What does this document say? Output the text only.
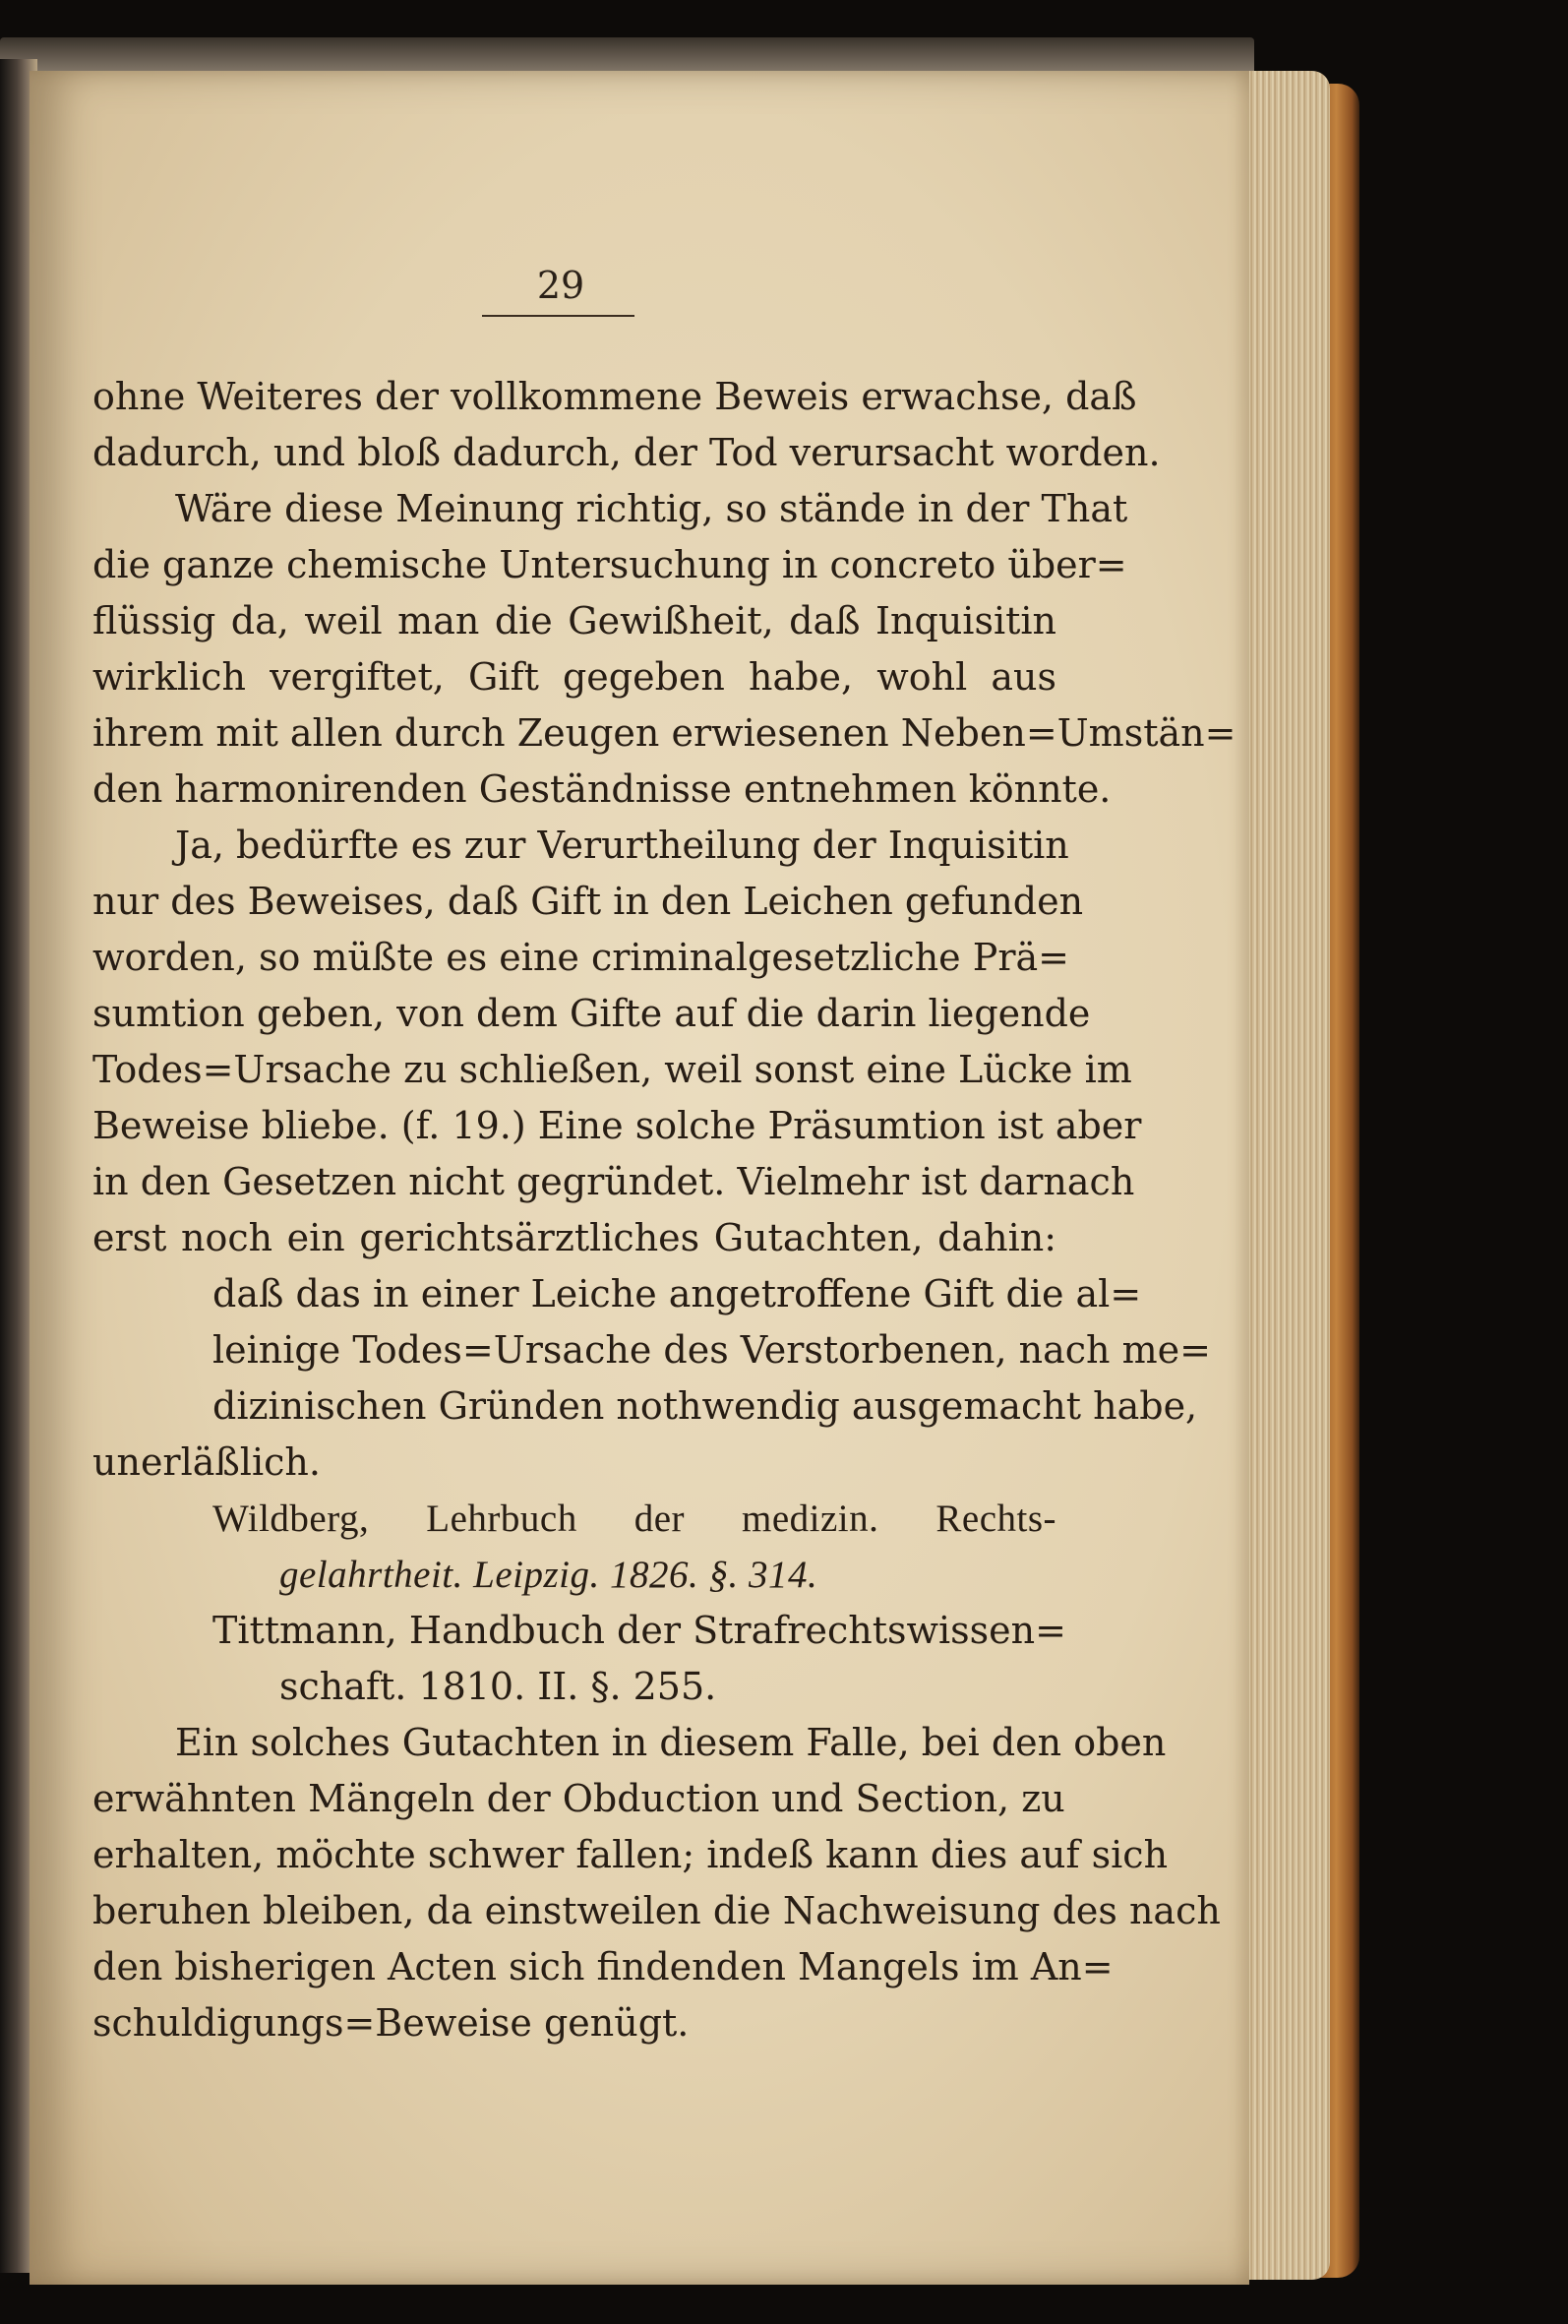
29
ohne Weiteres der vollkommene Beweis erwachse, daß
dadurch, und bloß dadurch, der Tod verursacht worden.
Wäre diese Meinung richtig, so stände in der That
die ganze chemische Untersuchung in concreto über=
flüssig da, weil man die Gewißheit, daß Inquisitin
wirklich vergiftet, Gift gegeben habe, wohl aus
ihrem mit allen durch Zeugen erwiesenen Neben=Umstän=
den harmonirenden Geständnisse entnehmen könnte.
Ja, bedürfte es zur Verurtheilung der Inquisitin
nur des Beweises, daß Gift in den Leichen gefunden
worden, so müßte es eine criminalgesetzliche Prä=
sumtion geben, von dem Gifte auf die darin liegende
Todes=Ursache zu schließen, weil sonst eine Lücke im
Beweise bliebe. (f. 19.) Eine solche Präsumtion ist aber
in den Gesetzen nicht gegründet. Vielmehr ist darnach
erst noch ein gerichtsärztliches Gutachten, dahin:
daß das in einer Leiche angetroffene Gift die al=
leinige Todes=Ursache des Verstorbenen, nach me=
dizinischen Gründen nothwendig ausgemacht habe,
unerläßlich.
Wildberg, Lehrbuch der medizin. Rechts-
gelahrtheit. Leipzig. 1826. §. 314.
Tittmann, Handbuch der Strafrechtswissen=
schaft. 1810. II. §. 255.
Ein solches Gutachten in diesem Falle, bei den oben
erwähnten Mängeln der Obduction und Section, zu
erhalten, möchte schwer fallen; indeß kann dies auf sich
beruhen bleiben, da einstweilen die Nachweisung des nach
den bisherigen Acten sich findenden Mangels im An=
schuldigungs=Beweise genügt.
